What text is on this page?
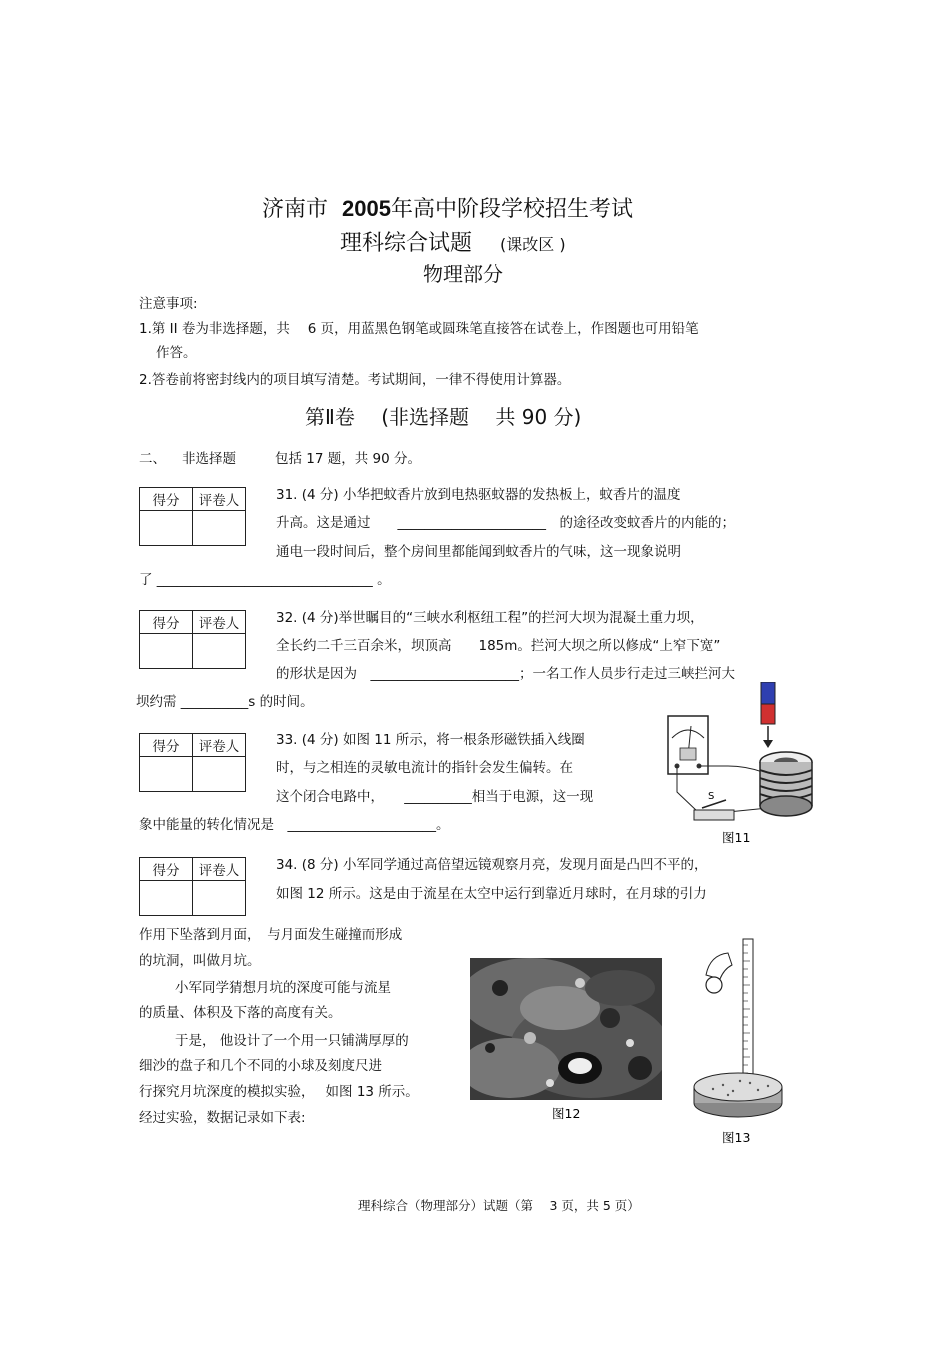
济南市 2005年高中阶段学校招生考试
理科综合试题 (课改区 )
物理部分
注意事项:
1.第 II 卷为非选择题，共 　6 页，用蓝黑色钢笔或圆珠笔直接答在试卷上，作图题也可用铅笔
作答。
2.答卷前将密封线内的项目填写清楚。考试期间，一律不得使用计算器。
第Ⅱ卷　 (非选择题　 共 90 分)
二、 非选择题	包括 17 题，共 90 分。
得分	评卷人
		31. (4 分) 小华把蚊香片放到电热驱蚊器的发热板上，蚊香片的温度
升高。这是通过　　______________________　的途径改变蚊香片的内能的；
通电一段时间后，整个房间里都能闻到蚊香片的气味，这一现象说明
了 ________________________________ 。
得分	评卷人
		32. (4 分)举世瞩目的“三峡水利枢纽工程”的拦河大坝为混凝土重力坝，
全长约二千三百余米，坝顶高　　185m。拦河大坝之所以修成“上窄下宽”
的形状是因为　______________________；一名工作人员步行走过三峡拦河大
坝约需 __________s 的时间。
得分	评卷人
		33. (4 分) 如图 11 所示，将一根条形磁铁插入线圈
时，与之相连的灵敏电流计的指针会发生偏转。在
这个闭合电路中，　　__________相当于电源，这一现
象中能量的转化情况是　______________________。
S
图11
得分	评卷人
		34. (8 分) 小军同学通过高倍望远镜观察月亮，发现月面是凸凹不平的，
如图 12 所示。这是由于流星在太空中运行到靠近月球时，在月球的引力
作用下坠落到月面，　与月面发生碰撞而形成
的坑洞，叫做月坑。
小军同学猜想月坑的深度可能与流星
的质量、体积及下落的高度有关。
于是， 他设计了一个用一只铺满厚厚的
细沙的盘子和几个不同的小球及刻度尺进
行探究月坑深度的模拟实验，　 如图 13 所示。
经过实验，数据记录如下表:	图12
图13
理科综合（物理部分）试题（第　 3 页，共 5 页）
